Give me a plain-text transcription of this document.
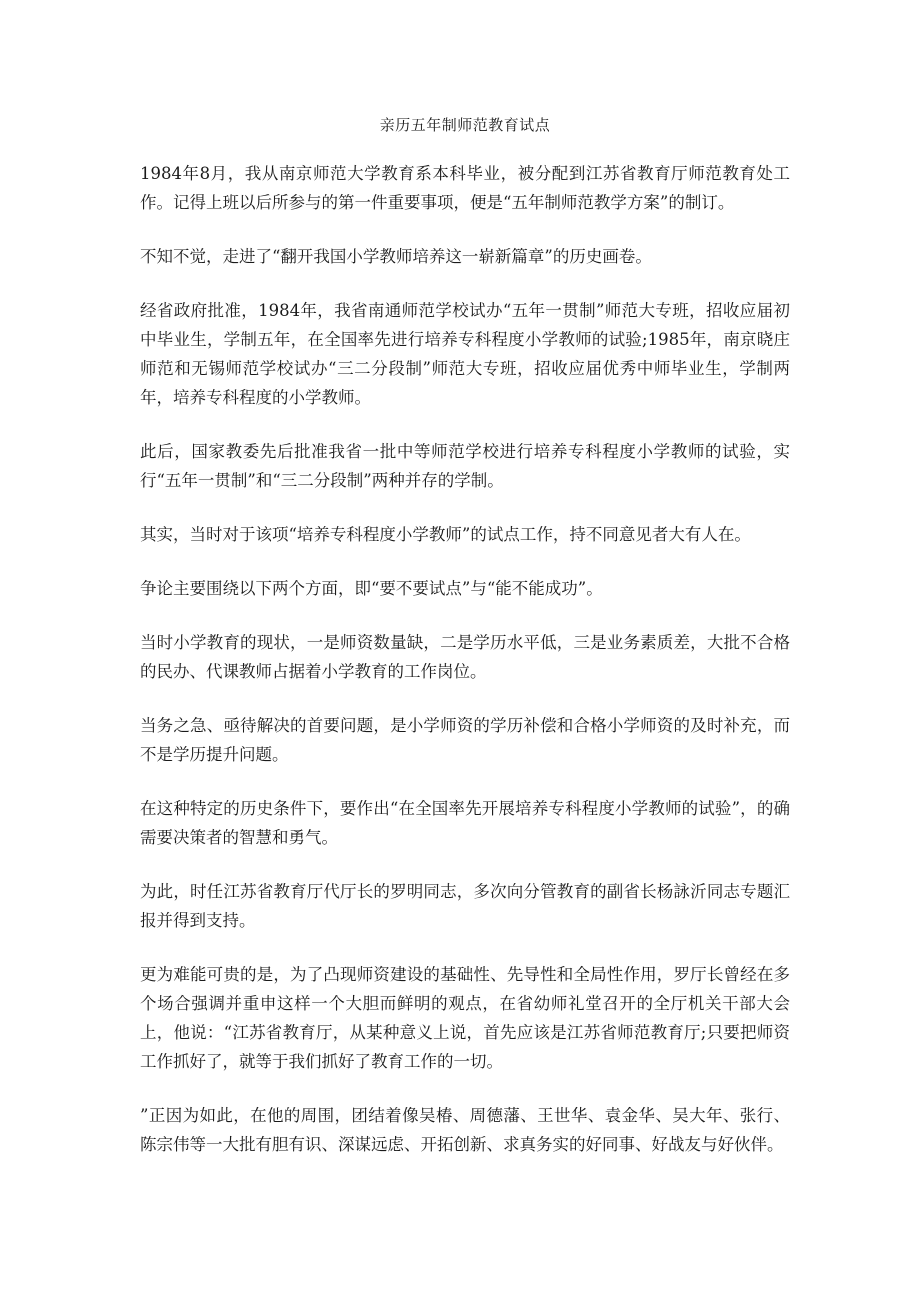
亲历五年制师范教育试点

1984年8月，我从南京师范大学教育系本科毕业，被分配到江苏省教育厅师范教育处工作。记得上班以后所参与的第一件重要事项，便是“五年制师范教学方案”的制订。

不知不觉，走进了“翻开我国小学教师培养这一崭新篇章”的历史画卷。

经省政府批准，1984年，我省南通师范学校试办“五年一贯制”师范大专班，招收应届初中毕业生，学制五年，在全国率先进行培养专科程度小学教师的试验;1985年，南京晓庄师范和无锡师范学校试办“三二分段制”师范大专班，招收应届优秀中师毕业生，学制两年，培养专科程度的小学教师。

此后，国家教委先后批准我省一批中等师范学校进行培养专科程度小学教师的试验，实行“五年一贯制”和“三二分段制”两种并存的学制。

其实，当时对于该项“培养专科程度小学教师”的试点工作，持不同意见者大有人在。

争论主要围绕以下两个方面，即“要不要试点”与“能不能成功”。

当时小学教育的现状，一是师资数量缺，二是学历水平低，三是业务素质差，大批不合格的民办、代课教师占据着小学教育的工作岗位。

当务之急、亟待解决的首要问题，是小学师资的学历补偿和合格小学师资的及时补充，而不是学历提升问题。

在这种特定的历史条件下，要作出“在全国率先开展培养专科程度小学教师的试验”，的确需要决策者的智慧和勇气。

为此，时任江苏省教育厅代厅长的罗明同志，多次向分管教育的副省长杨詠沂同志专题汇报并得到支持。

更为难能可贵的是，为了凸现师资建设的基础性、先导性和全局性作用，罗厅长曾经在多个场合强调并重申这样一个大胆而鲜明的观点，在省幼师礼堂召开的全厅机关干部大会上，他说：“江苏省教育厅，从某种意义上说，首先应该是江苏省师范教育厅;只要把师资工作抓好了，就等于我们抓好了教育工作的一切。

”正因为如此，在他的周围，团结着像吴椿、周德藩、王世华、袁金华、吴大年、张行、陈宗伟等一大批有胆有识、深谋远虑、开拓创新、求真务实的好同事、好战友与好伙伴。
